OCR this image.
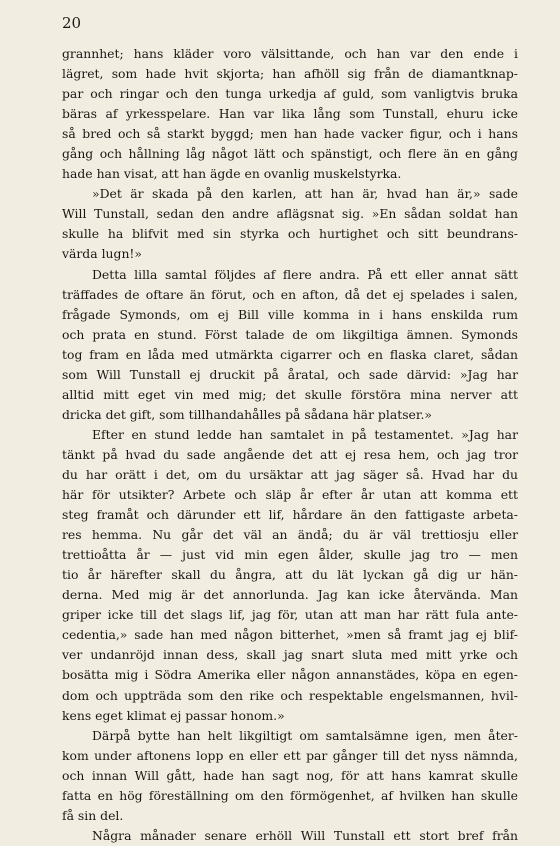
20
grannhet; hans kläder voro välsittande, och han var den ende i
lägret, som hade hvit skjorta; han afhöll sig från de diamantknap-
par och ringar och den tunga urkedja af guld, som vanligtvis bruka
bäras af yrkesspelare. Han var lika lång som Tunstall, ehuru icke
så bred och så starkt byggd; men han hade vacker figur, och i hans
gång och hållning låg något lätt och spänstigt, och flere än en gång
hade han visat, att han ägde en ovanlig muskelstyrka.
»Det är skada på den karlen, att han är, hvad han är,» sade
Will Tunstall, sedan den andre aflägsnat sig. »En sådan soldat han
skulle ha blifvit med sin styrka och hurtighet och sitt beundrans-
värda lugn!»
Detta lilla samtal följdes af flere andra. På ett eller annat sätt
träffades de oftare än förut, och en afton, då det ej spelades i salen,
frågade Symonds, om ej Bill ville komma in i hans enskilda rum
och prata en stund. Först talade de om likgiltiga ämnen. Symonds
tog fram en låda med utmärkta cigarrer och en flaska claret, sådan
som Will Tunstall ej druckit på åratal, och sade därvid: »Jag har
alltid mitt eget vin med mig; det skulle förstöra mina nerver att
dricka det gift, som tillhandahålles på sådana här platser.»
Efter en stund ledde han samtalet in på testamentet. »Jag har
tänkt på hvad du sade angående det att ej resa hem, och jag tror
du har orätt i det, om du ursäktar att jag säger så. Hvad har du
här för utsikter? Arbete och släp år efter år utan att komma ett
steg framåt och därunder ett lif, hårdare än den fattigaste arbeta-
res hemma. Nu går det väl an ändå; du är väl trettiosju eller
trettioåtta år — just vid min egen ålder, skulle jag tro — men
tio år härefter skall du ångra, att du lät lyckan gå dig ur hän-
derna. Med mig är det annorlunda. Jag kan icke återvända. Man
griper icke till det slags lif, jag för, utan att man har rätt fula ante-
cedentia,» sade han med någon bitterhet, »men så framt jag ej blif-
ver undanröjd innan dess, skall jag snart sluta med mitt yrke och
bosätta mig i Södra Amerika eller någon annanstädes, köpa en egen-
dom och uppträda som den rike och respektable engelsmannen, hvil-
kens eget klimat ej passar honom.»
Därpå bytte han helt likgiltigt om samtalsämne igen, men åter-
kom under aftonens lopp en eller ett par gånger till det nyss nämnda,
och innan Will gått, hade han sagt nog, för att hans kamrat skulle
fatta en hög föreställning om den förmögenhet, af hvilken han skulle
få sin del.
Några månader senare erhöll Will Tunstall ett stort bref från
